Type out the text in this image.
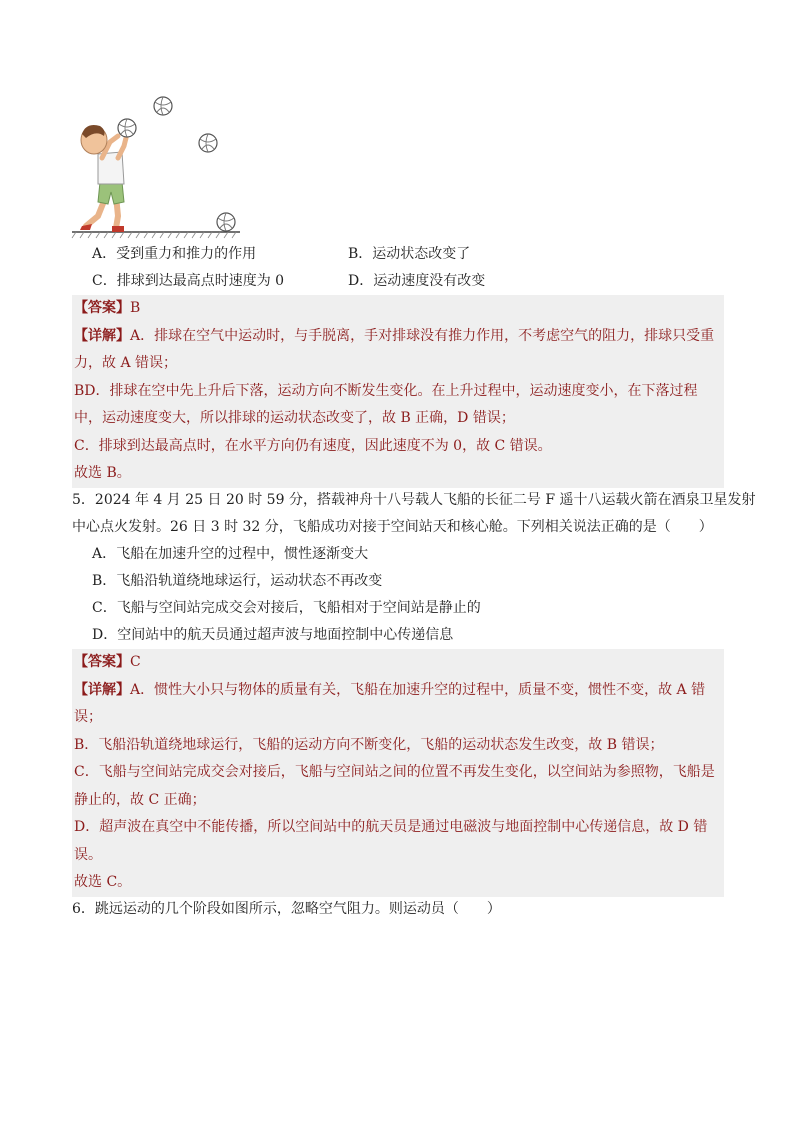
A．受到重力和推力的作用	B．运动状态改变了
C．排球到达最高点时速度为 0	D．运动速度没有改变
【答案】B
【详解】A．排球在空气中运动时，与手脱离，手对排球没有推力作用，不考虑空气的阻力，排球只受重
力，故 A 错误；
BD．排球在空中先上升后下落，运动方向不断发生变化。在上升过程中，运动速度变小，在下落过程
中，运动速度变大，所以排球的运动状态改变了，故 B 正确，D 错误；
C．排球到达最高点时，在水平方向仍有速度，因此速度不为 0，故 C 错误。
故选 B。
5．2024 年 4 月 25 日 20 时 59 分，搭载神舟十八号载人飞船的长征二号 F 遥十八运载火箭在酒泉卫星发射
中心点火发射。26 日 3 时 32 分，飞船成功对接于空间站天和核心舱。下列相关说法正确的是（　　）
A．飞船在加速升空的过程中，惯性逐渐变大
B．飞船沿轨道绕地球运行，运动状态不再改变
C．飞船与空间站完成交会对接后，飞船相对于空间站是静止的
D．空间站中的航天员通过超声波与地面控制中心传递信息
【答案】C
【详解】A．惯性大小只与物体的质量有关，飞船在加速升空的过程中，质量不变，惯性不变，故 A 错
误；
B．飞船沿轨道绕地球运行，飞船的运动方向不断变化，飞船的运动状态发生改变，故 B 错误；
C．飞船与空间站完成交会对接后，飞船与空间站之间的位置不再发生变化，以空间站为参照物，飞船是
静止的，故 C 正确；
D．超声波在真空中不能传播，所以空间站中的航天员是通过电磁波与地面控制中心传递信息，故 D 错
误。
故选 C。
6．跳远运动的几个阶段如图所示，忽略空气阻力。则运动员（　　）
